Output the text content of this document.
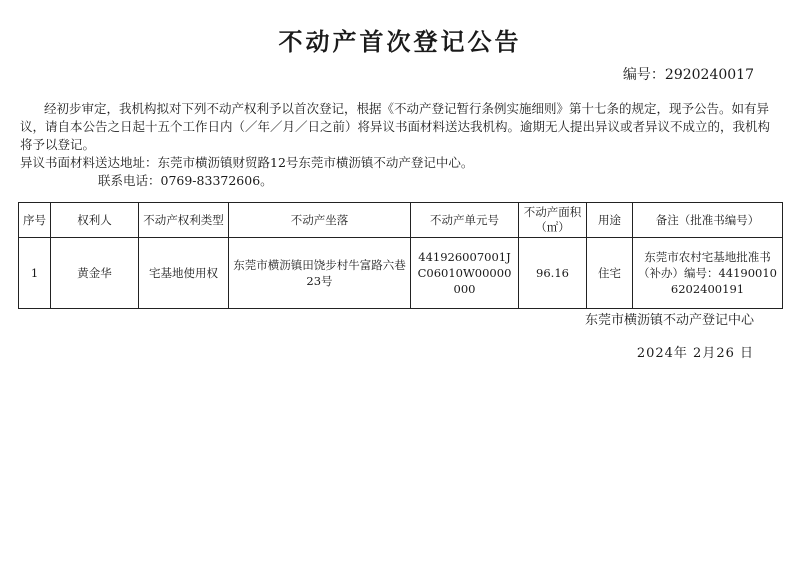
不动产首次登记公告
编号：2920240017

经初步审定，我机构拟对下列不动产权利予以首次登记，根据《不动产登记暂行条例实施细则》第十七条的规定，现予公告。如有异议，请自本公告之日起十五个工作日内（／年／月／日之前）将异议书面材料送达我机构。逾期无人提出异议或者异议不成立的，我机构将予以登记。

异议书面材料送达地址：东莞市横沥镇财贸路12号东莞市横沥镇不动产登记中心。

联系电话：0769-83372606。

序号	权利人	不动产权利类型	不动产坐落	不动产单元号	不动产面积（㎡）	用途	备注（批准书编号）
1	黄金华	宅基地使用权	东莞市横沥镇田饶步村牛富路六巷23号	441926007001JC06010W00000000	96.16	住宅	东莞市农村宅基地批准书（补办）编号：441900106202400191
东莞市横沥镇不动产登记中心
2024年 2月26 日
